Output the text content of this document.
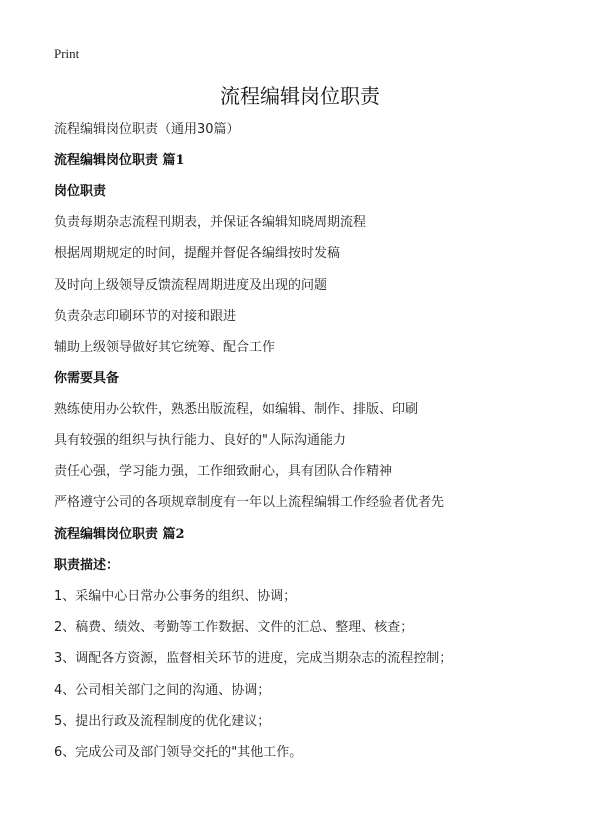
Print
流程编辑岗位职责
流程编辑岗位职责（通用30篇）
流程编辑岗位职责 篇1
岗位职责
负责每期杂志流程刊期表，并保证各编辑知晓周期流程
根据周期规定的时间，提醒并督促各编缉按时发稿
及时向上级领导反馈流程周期进度及出现的问题
负责杂志印刷环节的对接和跟进
辅助上级领导做好其它统筹、配合工作
你需要具备
熟练使用办公软件，熟悉出版流程，如编辑、制作、排版、印刷
具有较强的组织与执行能力、良好的"人际沟通能力
责任心强，学习能力强，工作细致耐心，具有团队合作精神
严格遵守公司的各项规章制度有一年以上流程编辑工作经验者优者先
流程编辑岗位职责 篇2
职责描述：
1、采编中心日常办公事务的组织、协调；
2、稿费、绩效、考勤等工作数据、文件的汇总、整理、核查；
3、调配各方资源，监督相关环节的进度，完成当期杂志的流程控制；
4、公司相关部门之间的沟通、协调；
5、提出行政及流程制度的优化建议；
6、完成公司及部门领导交托的"其他工作。
